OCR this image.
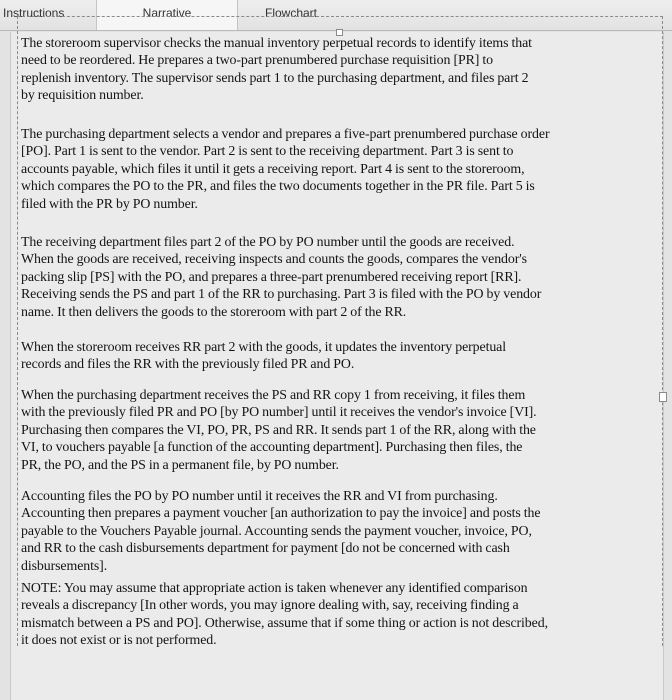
Instructions	Narrative	Flowchart
The storeroom supervisor checks the manual inventory perpetual records to identify items that
need to be reordered. He prepares a two-part prenumbered purchase requisition [PR] to
replenish inventory. The supervisor sends part 1 to the purchasing department, and files part 2
by requisition number.
The purchasing department selects a vendor and prepares a five-part prenumbered purchase order
[PO]. Part 1 is sent to the vendor. Part 2 is sent to the receiving department. Part 3 is sent to
accounts payable, which files it until it gets a receiving report. Part 4 is sent to the storeroom,
which compares the PO to the PR, and files the two documents together in the PR file. Part 5 is
filed with the PR by PO number.
The receiving department files part 2 of the PO by PO number until the goods are received.
When the goods are received, receiving inspects and counts the goods, compares the vendor's
packing slip [PS] with the PO, and prepares a three-part prenumbered receiving report [RR].
Receiving sends the PS and part 1 of the RR to purchasing. Part 3 is filed with the PO by vendor
name. It then delivers the goods to the storeroom with part 2 of the RR.
When the storeroom receives RR part 2 with the goods, it updates the inventory perpetual
records and files the RR with the previously filed PR and PO.
When the purchasing department receives the PS and RR copy 1 from receiving, it files them
with the previously filed PR and PO [by PO number] until it receives the vendor's invoice [VI].
Purchasing then compares the VI, PO, PR, PS and RR. It sends part 1 of the RR, along with the
VI, to vouchers payable [a function of the accounting department]. Purchasing then files, the
PR, the PO, and the PS in a permanent file, by PO number.
Accounting files the PO by PO number until it receives the RR and VI from purchasing.
Accounting then prepares a payment voucher [an authorization to pay the invoice] and posts the
payable to the Vouchers Payable journal. Accounting sends the payment voucher, invoice, PO,
and RR to the cash disbursements department for payment [do not be concerned with cash
disbursements].
NOTE: You may assume that appropriate action is taken whenever any identified comparison
reveals a discrepancy [In other words, you may ignore dealing with, say, receiving finding a
mismatch between a PS and PO]. Otherwise, assume that if some thing or action is not described,
it does not exist or is not performed.
